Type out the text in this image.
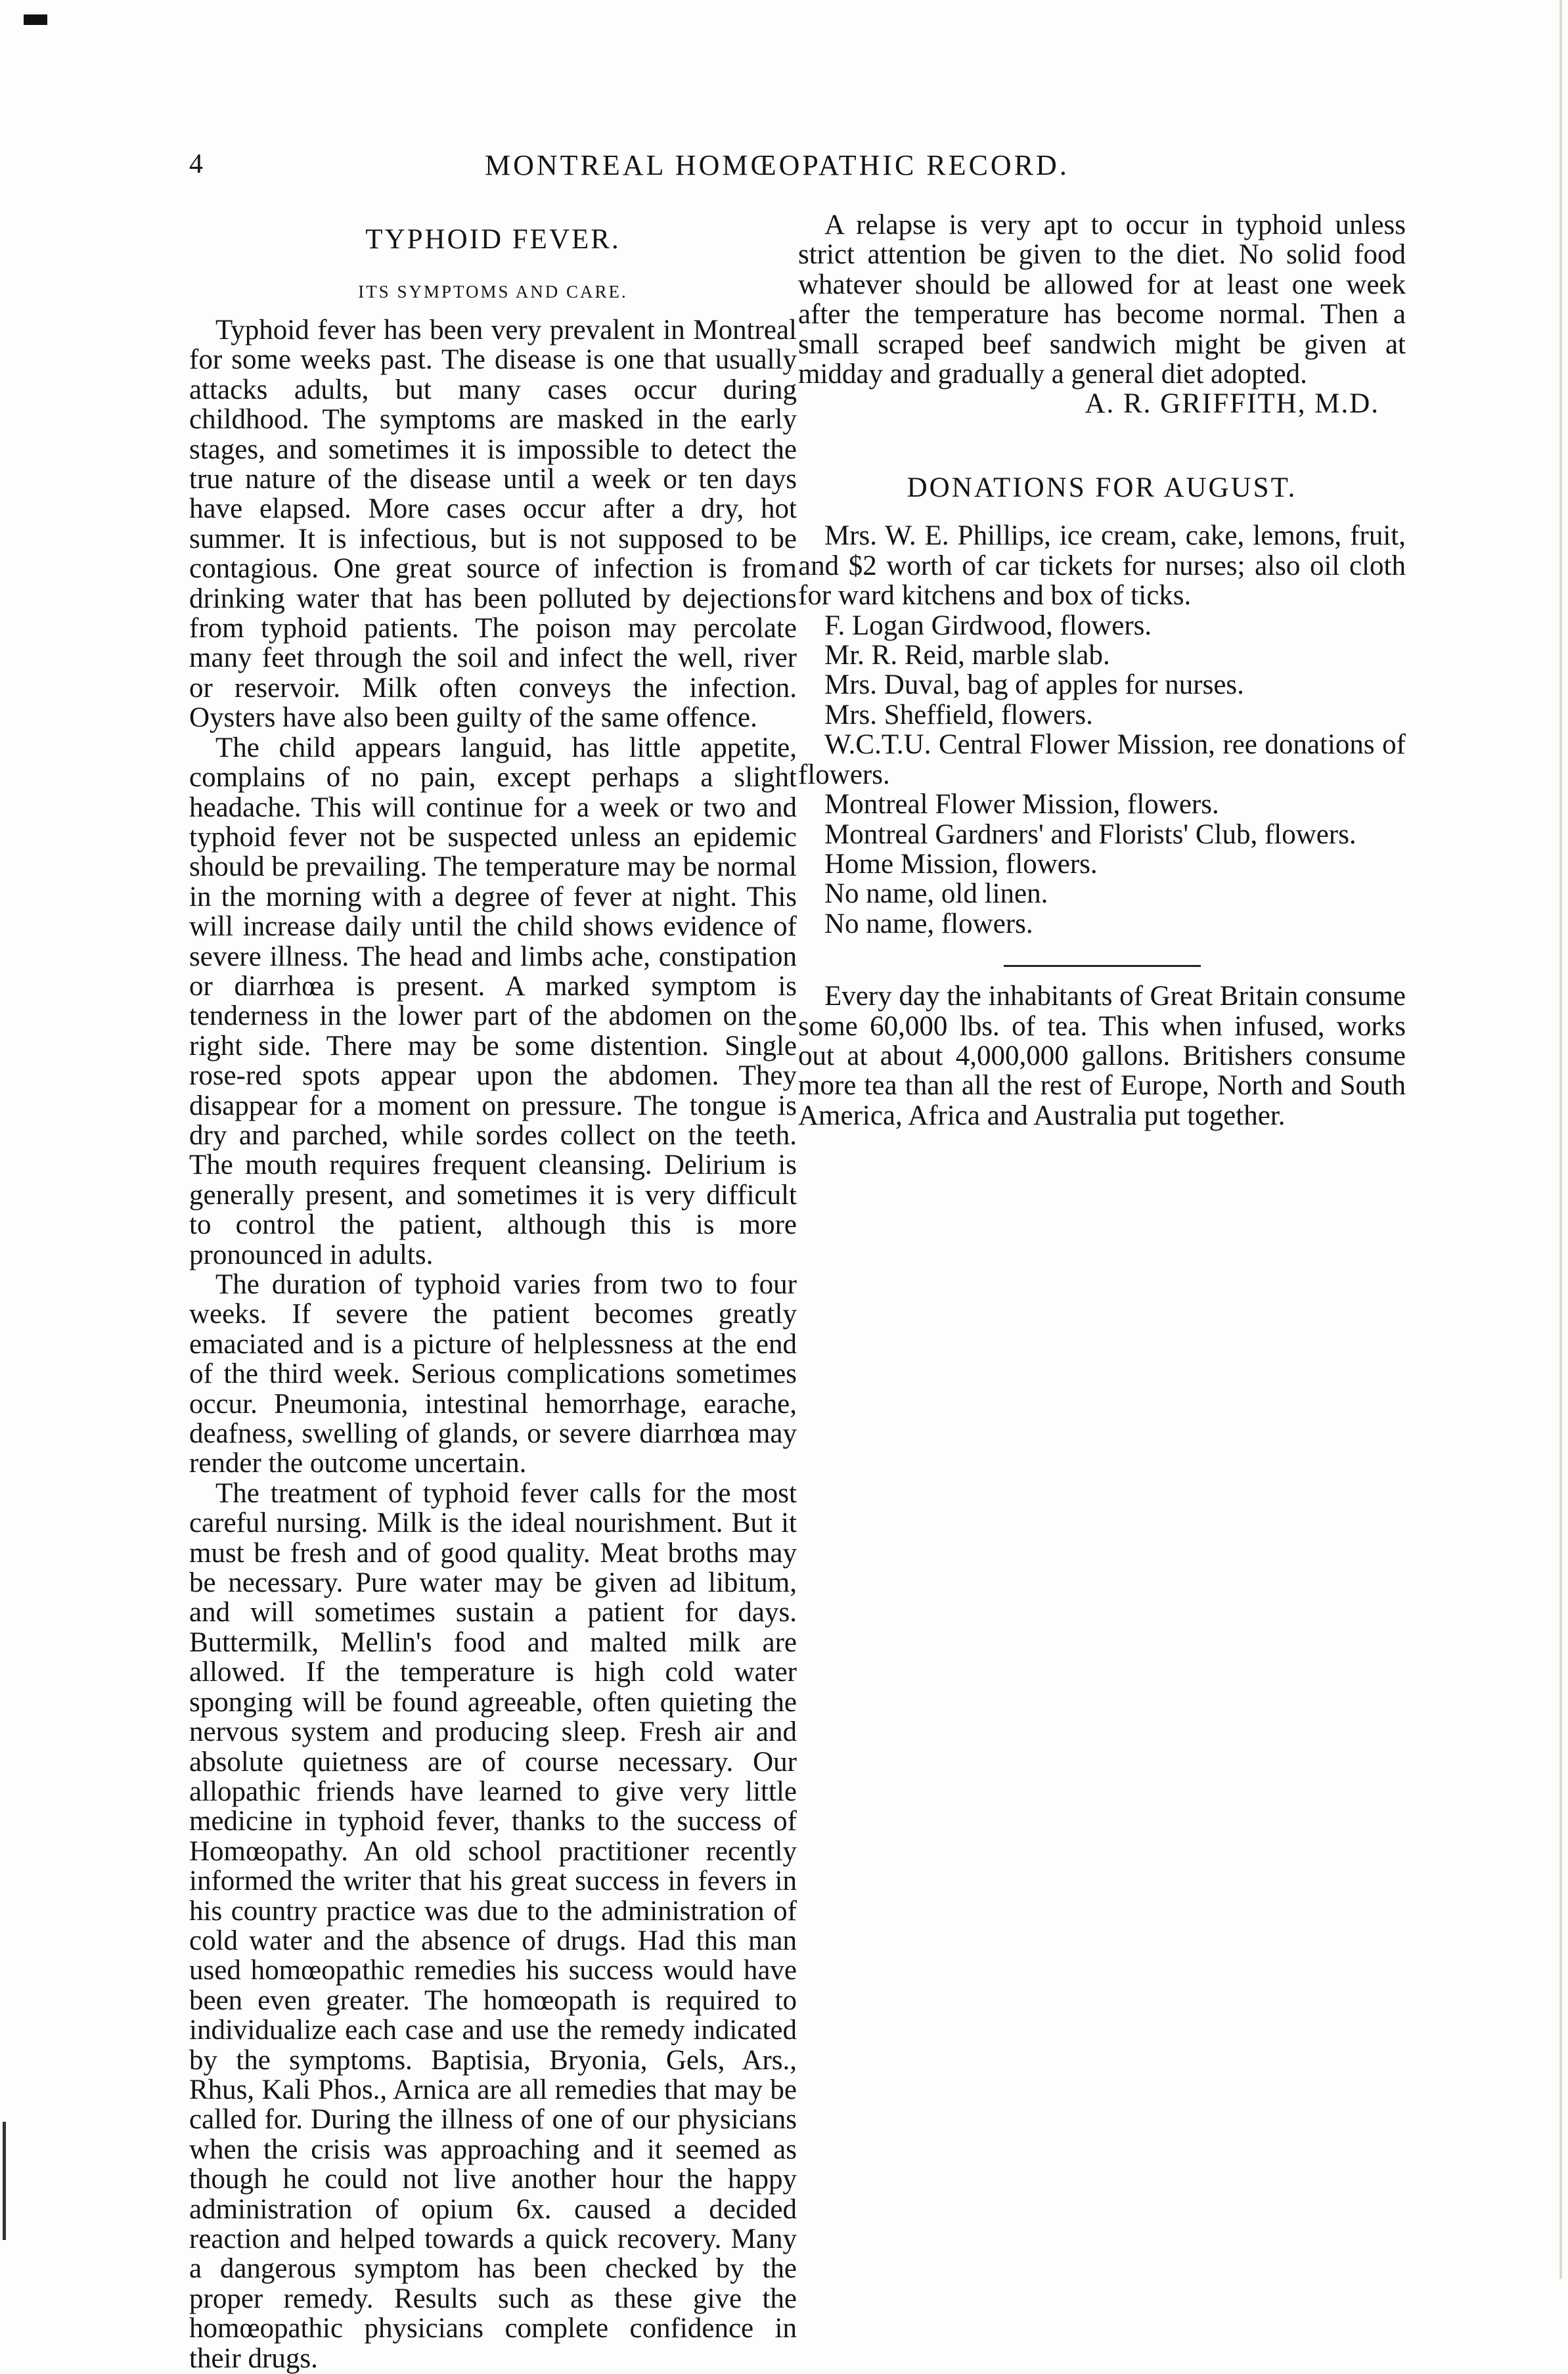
4	MONTREAL HOMŒOPATHIC RECORD.
TYPHOID FEVER.
ITS SYMPTOMS AND CARE.

Typhoid fever has been very prevalent in Montreal for some weeks past. The disease is one that usually attacks adults, but many cases occur during childhood. The symptoms are masked in the early stages, and sometimes it is impossible to detect the true nature of the disease until a week or ten days have elapsed. More cases occur after a dry, hot summer. It is infectious, but is not supposed to be contagious. One great source of infection is from drinking water that has been polluted by dejections from typhoid patients. The poison may percolate many feet through the soil and infect the well, river or reservoir. Milk often conveys the infection. Oysters have also been guilty of the same offence.

The child appears languid, has little appetite, complains of no pain, except perhaps a slight headache. This will continue for a week or two and typhoid fever not be suspected unless an epidemic should be prevailing. The temperature may be normal in the morning with a degree of fever at night. This will increase daily until the child shows evidence of severe illness. The head and limbs ache, constipation or diarrhœa is present. A marked symptom is tenderness in the lower part of the abdomen on the right side. There may be some distention. Single rose-red spots appear upon the abdomen. They disappear for a moment on pressure. The tongue is dry and parched, while sordes collect on the teeth. The mouth requires frequent cleansing. Delirium is generally present, and sometimes it is very difficult to control the patient, although this is more pronounced in adults.

The duration of typhoid varies from two to four weeks. If severe the patient becomes greatly emaciated and is a picture of helplessness at the end of the third week. Serious complications sometimes occur. Pneumonia, intestinal hemorrhage, earache, deafness, swelling of glands, or severe diarrhœa may render the outcome uncertain.

The treatment of typhoid fever calls for the most careful nursing. Milk is the ideal nourishment. But it must be fresh and of good quality. Meat broths may be necessary. Pure water may be given ad libitum, and will sometimes sustain a patient for days. Buttermilk, Mellin's food and malted milk are allowed. If the temperature is high cold water sponging will be found agreeable, often quieting the nervous system and producing sleep. Fresh air and absolute quietness are of course necessary. Our allopathic friends have learned to give very little medicine in typhoid fever, thanks to the success of Homœopathy. An old school practitioner recently informed the writer that his great success in fevers in his country practice was due to the administration of cold water and the absence of drugs. Had this man used homœopathic remedies his success would have been even greater. The homœopath is required to individualize each case and use the remedy indicated by the symptoms. Baptisia, Bryonia, Gels, Ars., Rhus, Kali Phos., Arnica are all remedies that may be called for. During the illness of one of our physicians when the crisis was approaching and it seemed as though he could not live another hour the happy administration of opium 6x. caused a decided reaction and helped towards a quick recovery. Many a dangerous symptom has been checked by the proper remedy. Results such as these give the homœopathic physicians complete confidence in their drugs.

A relapse is very apt to occur in typhoid unless strict attention be given to the diet. No solid food whatever should be allowed for at least one week after the temperature has become normal. Then a small scraped beef sandwich might be given at midday and gradually a general diet adopted.

A. R. GRIFFITH, M.D.

DONATIONS FOR AUGUST.

Mrs. W. E. Phillips, ice cream, cake, lemons, fruit, and $2 worth of car tickets for nurses; also oil cloth for ward kitchens and box of ticks.

F. Logan Girdwood, flowers.

Mr. R. Reid, marble slab.

Mrs. Duval, bag of apples for nurses.

Mrs. Sheffield, flowers.

W.C.T.U. Central Flower Mission, ree donations of flowers.

Montreal Flower Mission, flowers.

Montreal Gardners' and Florists' Club, flowers.

Home Mission, flowers.

No name, old linen.

No name, flowers.

Every day the inhabitants of Great Britain consume some 60,000 lbs. of tea. This when infused, works out at about 4,000,000 gallons. Britishers consume more tea than all the rest of Europe, North and South America, Africa and Australia put together.
